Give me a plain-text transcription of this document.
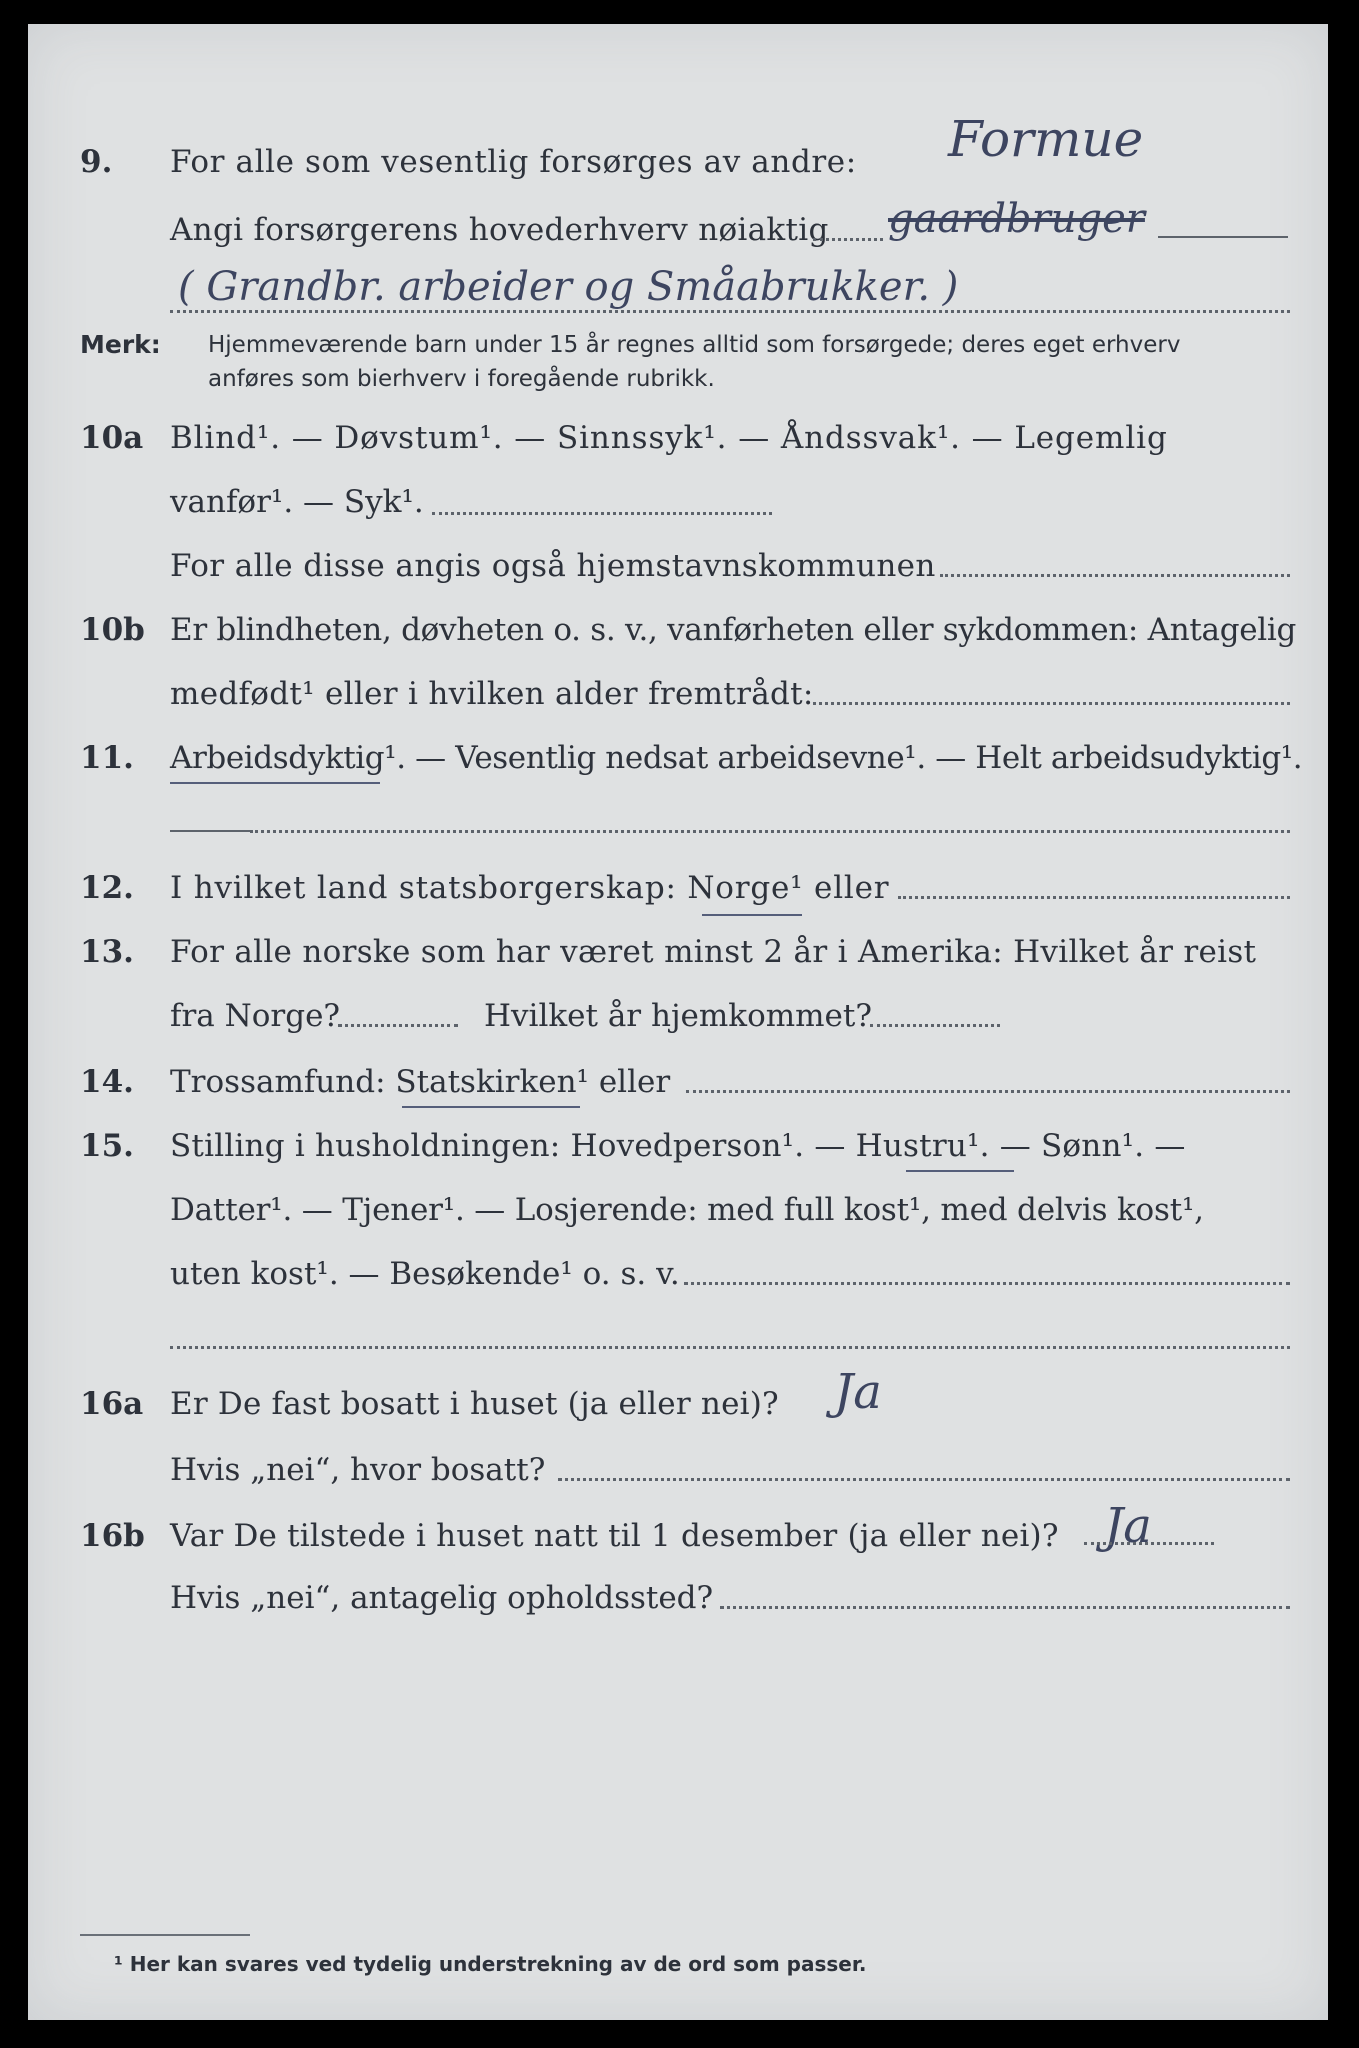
9. For alle som vesentlig forsørges av andre: Formue
Angi forsørgerens hovederhverv nøiaktig gaardbruger
( Grandbr. arbeider og Småabrukker. )
Merk: Hjemmeværende barn under 15 år regnes alltid som forsørgede; deres eget erhverv
anføres som bierhverv i foregående rubrikk.
10a Blind¹. — Døvstum¹. — Sinnssyk¹. — Åndssvak¹. — Legemlig
vanfør¹. — Syk¹.
For alle disse angis også hjemstavnskommunen
10b Er blindheten, døvheten o. s. v., vanførheten eller sykdommen: Antagelig
medfødt¹ eller i hvilken alder fremtrådt:
11. Arbeidsdyktig¹. — Vesentlig nedsat arbeidsevne¹. — Helt arbeidsudyktig¹.
12. I hvilket land statsborgerskap: Norge¹ eller
13. For alle norske som har været minst 2 år i Amerika: Hvilket år reist
fra Norge?	Hvilket år hjemkommet?
14. Trossamfund: Statskirken¹ eller
15. Stilling i husholdningen: Hovedperson¹. — Hustru¹. — Sønn¹. —
Datter¹. — Tjener¹. — Losjerende: med full kost¹, med delvis kost¹,
uten kost¹. — Besøkende¹ o. s. v.
16a Er De fast bosatt i huset (ja eller nei)? Ja
Hvis „nei“, hvor bosatt?
16b Var De tilstede i huset natt til 1 desember (ja eller nei)? Ja
Hvis „nei“, antagelig opholdssted?
¹ Her kan svares ved tydelig understrekning av de ord som passer.
